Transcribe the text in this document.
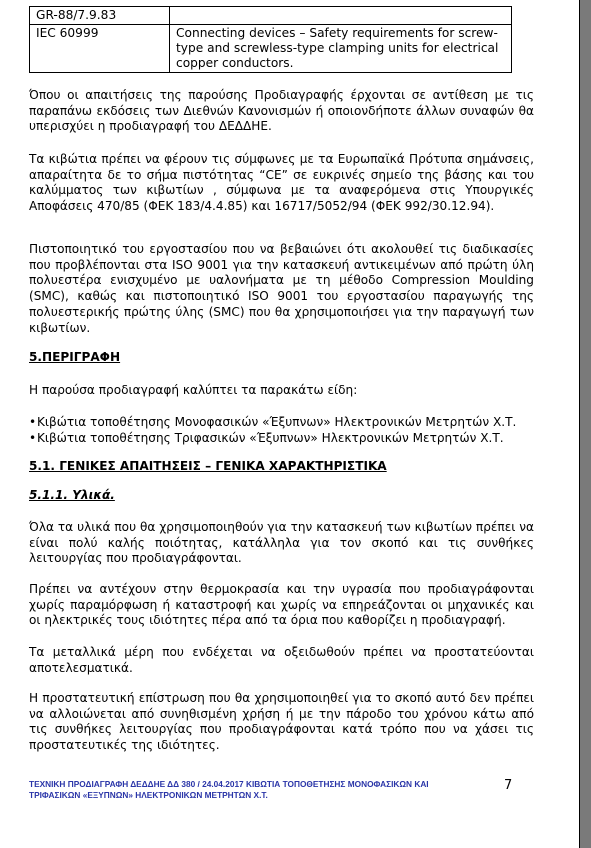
GR-88/7.9.83	
IEC 60999	Connecting devices – Safety requirements for screw-type and screwless-type clamping units for electrical copper conductors.

Όπου οι απαιτήσεις της παρούσης Προδιαγραφής έρχονται σε αντίθεση με τις παραπάνω εκδόσεις των Διεθνών Κανονισμών ή οποιονδήποτε άλλων συναφών θα υπερισχύει η προδιαγραφή του ΔΕΔΔΗΕ.

Τα κιβώτια πρέπει να φέρουν τις σύμφωνες με τα Ευρωπαϊκά Πρότυπα σημάνσεις, απαραίτητα δε το σήμα πιστότητας “CE” σε ευκρινές σημείο της βάσης και του καλύμματος των κιβωτίων , σύμφωνα με τα αναφερόμενα στις Υπουργικές Αποφάσεις 470/85 (ΦΕΚ 183/4.4.85) και 16717/5052/94 (ΦΕΚ 992/30.12.94).

Πιστοποιητικό του εργοστασίου που να βεβαιώνει ότι ακολουθεί τις διαδικασίες που προβλέπονται στα ISO 9001 για την κατασκευή αντικειμένων από πρώτη ύλη πολυεστέρα ενισχυμένο με υαλονήματα με τη μέθοδο Compression Moulding (SMC), καθώς και πιστοποιητικό ISO 9001 του εργοστασίου παραγωγής της πολυεστερικής πρώτης ύλης (SMC) που θα χρησιμοποιήσει για την παραγωγή των κιβωτίων.

5.ΠΕΡΙΓΡΑΦΗ

Η παρούσα προδιαγραφή καλύπτει τα παρακάτω είδη:

•Κιβώτια τοποθέτησης Μονοφασικών «Έξυπνων» Ηλεκτρονικών Μετρητών Χ.Τ.

•Κιβώτια τοποθέτησης Τριφασικών «Έξυπνων» Ηλεκτρονικών Μετρητών Χ.Τ.

5.1. ΓΕΝΙΚΕΣ ΑΠΑΙΤΗΣΕΙΣ – ΓΕΝΙΚΑ ΧΑΡΑΚΤΗΡΙΣΤΙΚΑ

5.1.1. Υλικά.

Όλα τα υλικά που θα χρησιμοποιηθούν για την κατασκευή των κιβωτίων πρέπει να είναι πολύ καλής ποιότητας, κατάλληλα για τον σκοπό και τις συνθήκες λειτουργίας που προδιαγράφονται.

Πρέπει να αντέχουν στην θερμοκρασία και την υγρασία που προδιαγράφονται χωρίς παραμόρφωση ή καταστροφή και χωρίς να επηρεάζονται οι μηχανικές και οι ηλεκτρικές τους ιδιότητες πέρα από τα όρια που καθορίζει η προδιαγραφή.

Τα μεταλλικά μέρη που ενδέχεται να οξειδωθούν πρέπει να προστατεύονται αποτελεσματικά.

Η προστατευτική επίστρωση που θα χρησιμοποιηθεί για το σκοπό αυτό δεν πρέπει να αλλοιώνεται από συνηθισμένη χρήση ή με την πάροδο του χρόνου κάτω από τις συνθήκες λειτουργίας που προδιαγράφονται κατά τρόπο που να χάσει τις προστατευτικές της ιδιότητες.

ΤΕΧΝΙΚΗ ΠΡΟΔΙΑΓΡΑΦΗ ΔΕΔΔΗΕ ΔΔ 380 / 24.04.2017 ΚΙΒΩΤΙΑ ΤΟΠΟΘΕΤΗΣΗΣ ΜΟΝΟΦΑΣΙΚΩΝ ΚΑΙ
ΤΡΙΦΑΣΙΚΩΝ «ΕΞΥΠΝΩΝ» ΗΛΕΚΤΡΟΝΙΚΩΝ ΜΕΤΡΗΤΩΝ Χ.Τ.
7
